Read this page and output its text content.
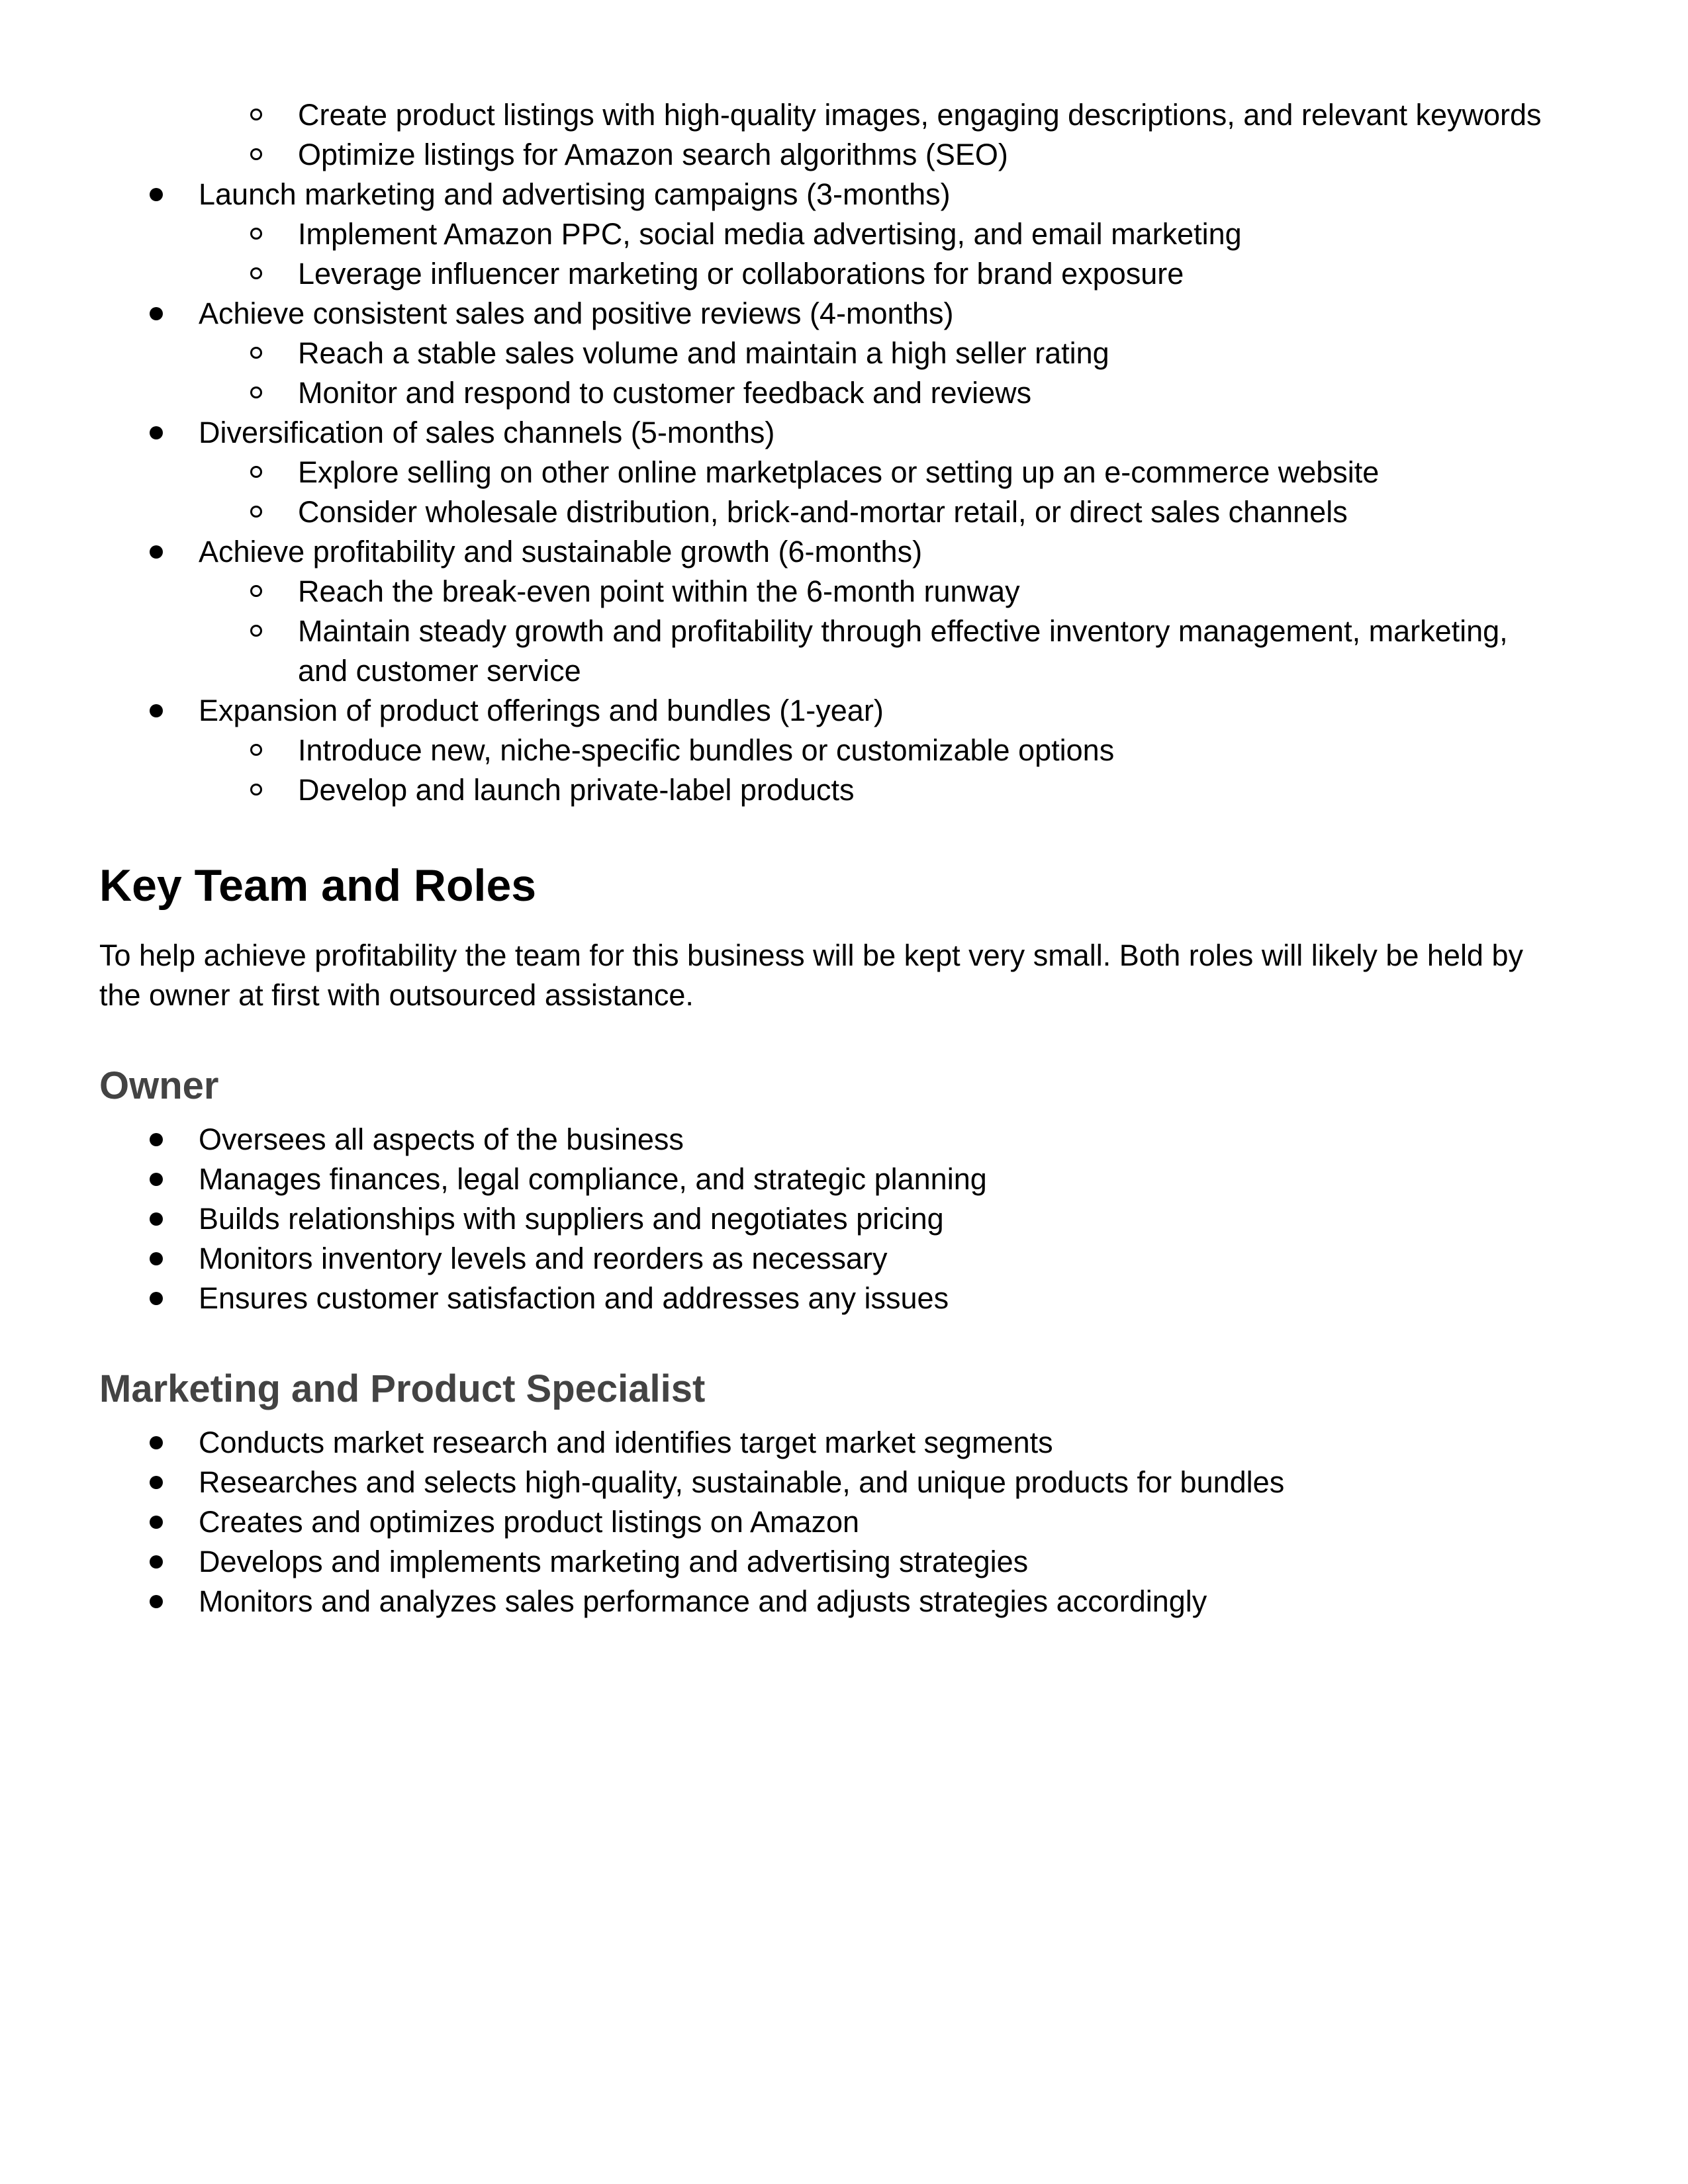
Create product listings with high-quality images, engaging descriptions, and relevant keywords
Optimize listings for Amazon search algorithms (SEO)
Launch marketing and advertising campaigns (3-months)
Implement Amazon PPC, social media advertising, and email marketing
Leverage influencer marketing or collaborations for brand exposure
Achieve consistent sales and positive reviews (4-months)
Reach a stable sales volume and maintain a high seller rating
Monitor and respond to customer feedback and reviews
Diversification of sales channels (5-months)
Explore selling on other online marketplaces or setting up an e-commerce website
Consider wholesale distribution, brick-and-mortar retail, or direct sales channels
Achieve profitability and sustainable growth (6-months)
Reach the break-even point within the 6-month runway
Maintain steady growth and profitability through effective inventory management, marketing,
and customer service
Expansion of product offerings and bundles (1-year)
Introduce new, niche-specific bundles or customizable options
Develop and launch private-label products
Key Team and Roles
To help achieve profitability the team for this business will be kept very small. Both roles will likely be held by
the owner at first with outsourced assistance.
Owner
Oversees all aspects of the business
Manages finances, legal compliance, and strategic planning
Builds relationships with suppliers and negotiates pricing
Monitors inventory levels and reorders as necessary
Ensures customer satisfaction and addresses any issues
Marketing and Product Specialist
Conducts market research and identifies target market segments
Researches and selects high-quality, sustainable, and unique products for bundles
Creates and optimizes product listings on Amazon
Develops and implements marketing and advertising strategies
Monitors and analyzes sales performance and adjusts strategies accordingly
